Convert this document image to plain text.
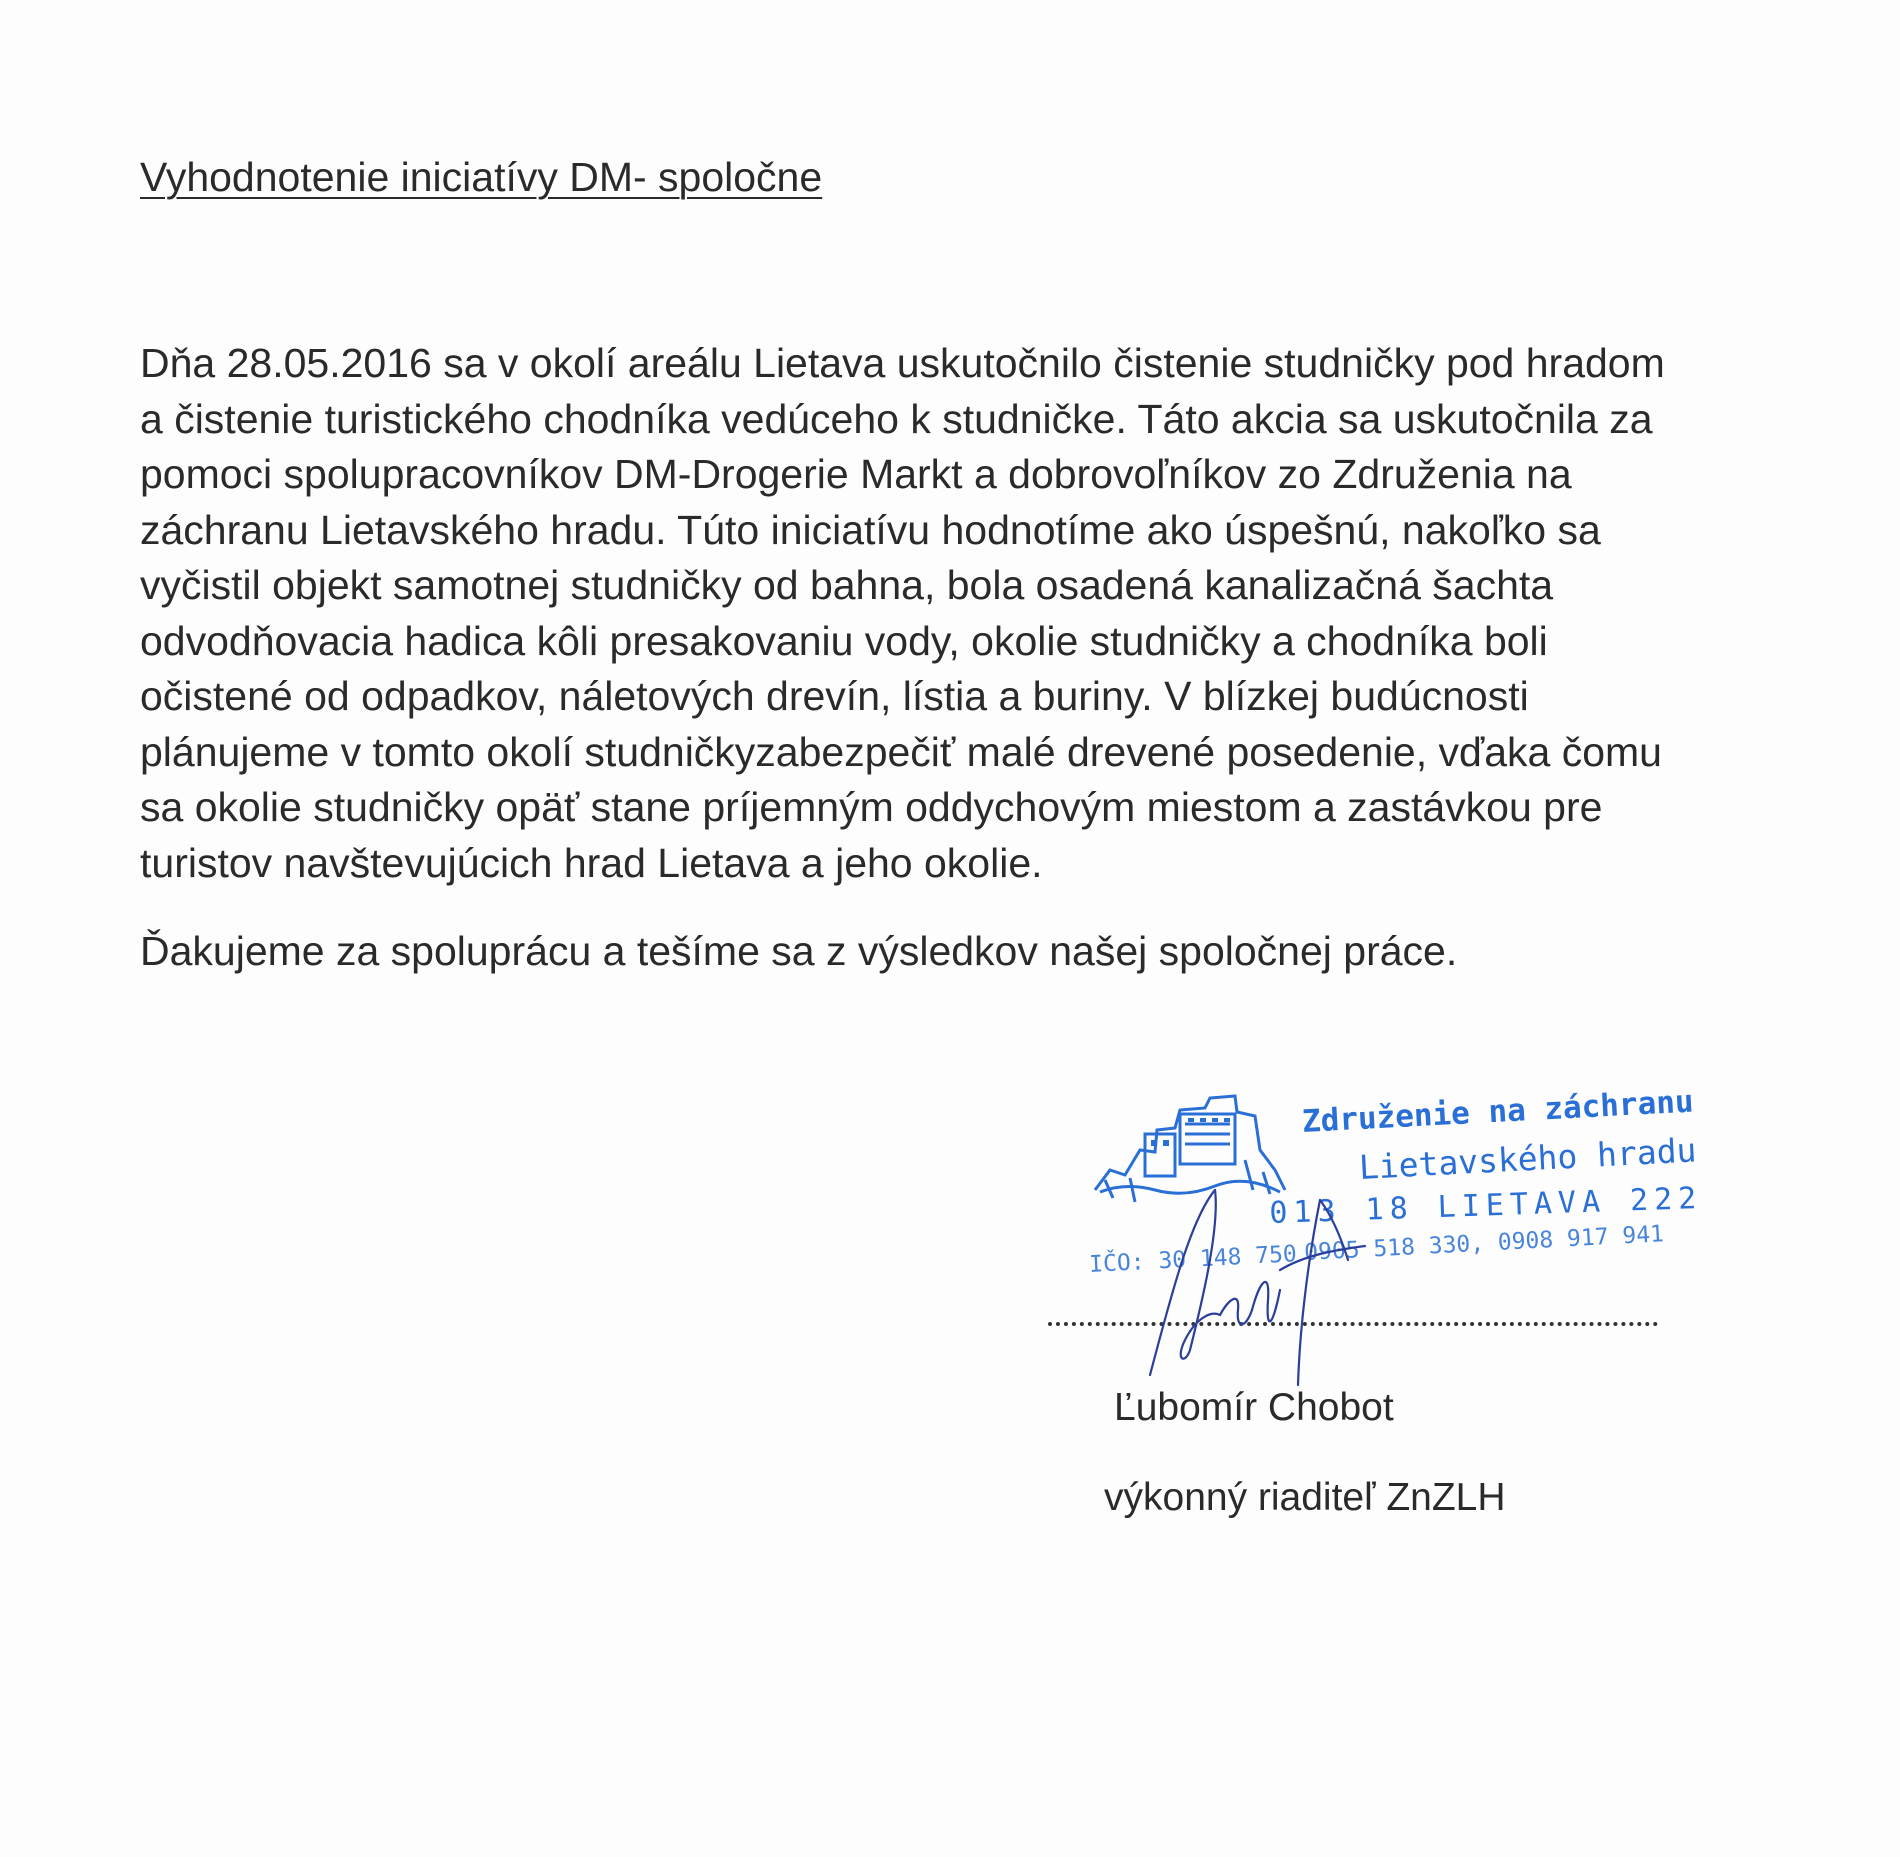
Vyhodnotenie iniciatívy DM- spoločne
Dňa 28.05.2016 sa v okolí areálu Lietava uskutočnilo čistenie studničky pod hradom
a čistenie turistického chodníka vedúceho k studničke. Táto akcia sa uskutočnila za
pomoci spolupracovníkov DM-Drogerie Markt a dobrovoľníkov zo Združenia na
záchranu Lietavského hradu. Túto iniciatívu hodnotíme ako úspešnú, nakoľko sa
vyčistil objekt samotnej studničky od bahna, bola osadená kanalizačná šachta
odvodňovacia hadica kôli presakovaniu vody, okolie studničky a chodníka boli
očistené od odpadkov, náletových drevín, lístia a buriny. V blízkej budúcnosti
plánujeme v tomto okolí studničkyzabezpečiť malé drevené posedenie, vďaka čomu
sa okolie studničky opäť stane príjemným oddychovým miestom a zastávkou pre
turistov navštevujúcich hrad Lietava a jeho okolie.
Ďakujeme za spoluprácu a tešíme sa z výsledkov našej spoločnej práce.
Združenie na záchranu
Lietavského hradu
013 18 LIETAVA 222
IČO: 30 148 750 0905 518 330, 0908 917 941
Ľubomír Chobot
výkonný riaditeľ ZnZLH
